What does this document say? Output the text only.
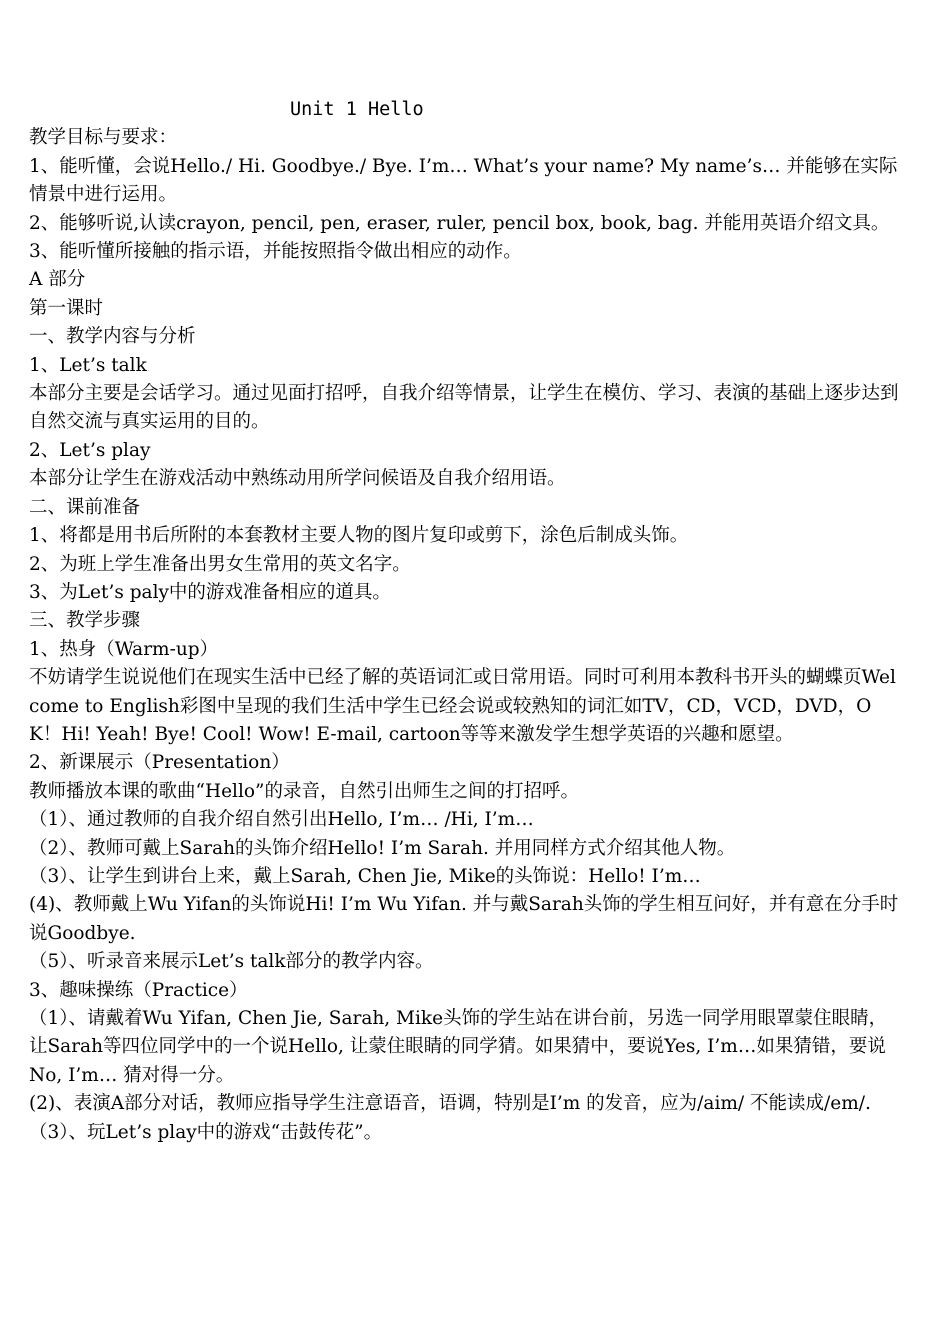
Unit 1 Hello

教学目标与要求：

1、能听懂，会说Hello./ Hi. Goodbye./ Bye. I’m… What’s your name? My name’s… 并能够在实际情景中进行运用。

2、能够听说,认读crayon, pencil, pen, eraser, ruler, pencil box, book, bag. 并能用英语介绍文具。

3、能听懂所接触的指示语，并能按照指令做出相应的动作。

A 部分

第一课时

一、教学内容与分析

1、Let’s talk

本部分主要是会话学习。通过见面打招呼，自我介绍等情景，让学生在模仿、学习、表演的基础上逐步达到自然交流与真实运用的目的。

2、Let’s play

本部分让学生在游戏活动中熟练动用所学问候语及自我介绍用语。

二、课前准备

1、将都是用书后所附的本套教材主要人物的图片复印或剪下，涂色后制成头饰。

2、为班上学生准备出男女生常用的英文名字。

3、为Let’s paly中的游戏准备相应的道具。

三、教学步骤

1、热身（Warm-up）

不妨请学生说说他们在现实生活中已经了解的英语词汇或日常用语。同时可利用本教科书开头的蝴蝶页Welcome to English彩图中呈现的我们生活中学生已经会说或较熟知的词汇如TV，CD，VCD，DVD，OK！Hi! Yeah! Bye! Cool! Wow! E-mail, cartoon等等来激发学生想学英语的兴趣和愿望。

2、新课展示（Presentation）

教师播放本课的歌曲“Hello”的录音，自然引出师生之间的打招呼。

（1）、通过教师的自我介绍自然引出Hello, I’m… /Hi, I’m…

（2）、教师可戴上Sarah的头饰介绍Hello! I’m Sarah. 并用同样方式介绍其他人物。

（3）、让学生到讲台上来，戴上Sarah, Chen Jie, Mike的头饰说：Hello! I’m…

(4)、教师戴上Wu Yifan的头饰说Hi! I’m Wu Yifan. 并与戴Sarah头饰的学生相互问好，并有意在分手时说Goodbye.

（5）、听录音来展示Let’s talk部分的教学内容。

3、趣味操练（Practice）

（1）、请戴着Wu Yifan, Chen Jie, Sarah, Mike头饰的学生站在讲台前，另选一同学用眼罩蒙住眼睛，让Sarah等四位同学中的一个说Hello, 让蒙住眼睛的同学猜。如果猜中，要说Yes, I’m…如果猜错，要说No, I’m… 猜对得一分。

(2)、表演A部分对话，教师应指导学生注意语音，语调，特别是I’m 的发音，应为/aim/ 不能读成/em/.

（3）、玩Let’s play中的游戏“击鼓传花”。
